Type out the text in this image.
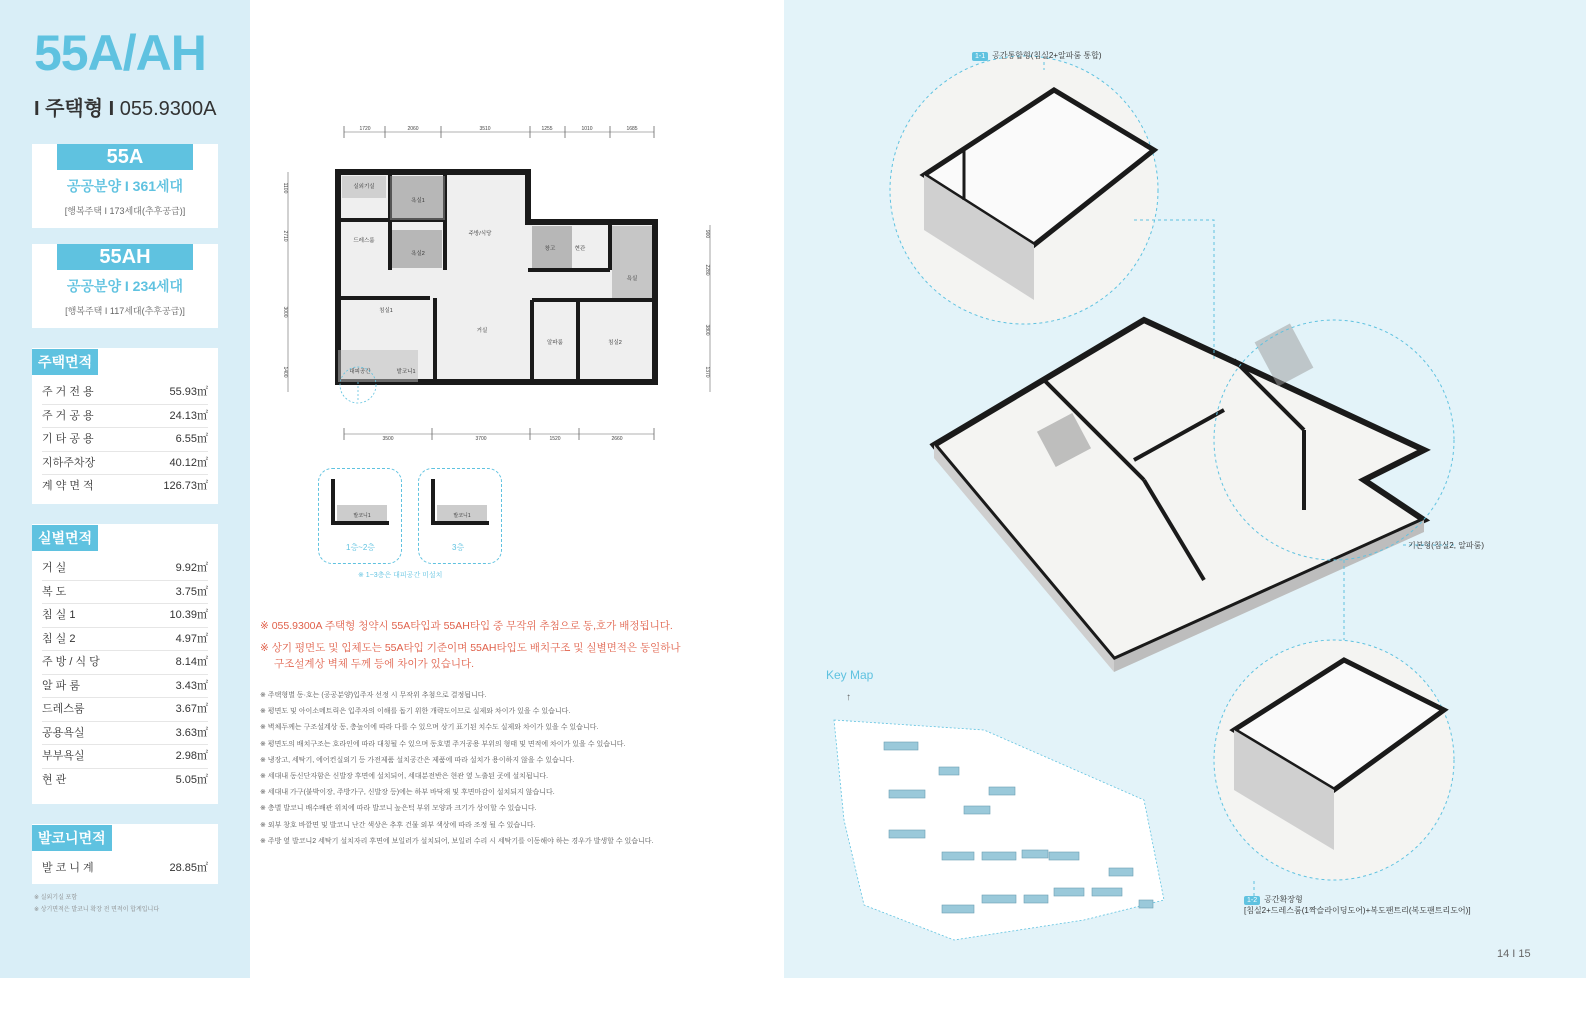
55A/AH
I 주택형 I 055.9300A
55A
공공분양 I 361세대
[행복주택 I 173세대(추후공급)]
55AH
공공분양 I 234세대
[행복주택 I 117세대(추후공급)]
주택면적
주 거 전 용	55.93㎡
주 거 공 용	24.13㎡
기 타 공 용	6.55㎡
지하주차장	40.12㎡
계 약 면 적	126.73㎡
실별면적
거 실	9.92㎡
복 도	3.75㎡
침 실 1	10.39㎡
침 실 2	4.97㎡
주 방 / 식 당	8.14㎡
알 파 룸	3.43㎡
드레스룸	3.67㎡
공용욕실	3.63㎡
부부욕실	2.98㎡
현 관	5.05㎡
발코니면적
발 코 니 계	28.85㎡
※ 실외기실 포함
※ 상기면적은 발코니 확장 전 면적이 합계입니다
1720	2060	3510	1255	1010	1685
3500	3700	1520	2660
1100
2710
3000
1400
900
2280
3800
1370
실외기실
욕실1
드레스룸
욕실2
주방/식당
창고	현관
욕실
침실1
거실
알파룸	침실2
대피공간	발코니1
발코니1
1층~2층
발코니1
3층
※ 1~3층은 대피공간 미설치
※ 055.9300A 주택형 청약시 55A타입과 55AH타입 중 무작위 추첨으로 동,호가 배정됩니다.
※ 상기 평면도 및 입체도는 55A타입 기준이며 55AH타입도 배치구조 및 실별면적은 동일하나
구조설계상 벽체 두께 등에 차이가 있습니다.
※ 주택형별 동·호는 (공공분양)입주자 선정 시 무작위 추첨으로 결정됩니다.
※ 평면도 및 아이소메트릭은 입주자의 이해를 돕기 위한 개략도이므로 실제와 차이가 있을 수 있습니다.
※ 벽체두께는 구조설계상 동, 층높이에 따라 다를 수 있으며 상기 표기된 치수도 실제와 차이가 있을 수 있습니다.
※ 평면도의 배치구조는 호라인에 따라 대칭될 수 있으며 동호별 주거공용 부위의 형태 및 면적에 차이가 있을 수 있습니다.
※ 냉장고, 세탁기, 에어컨실외기 등 가전제품 설치공간은 제품에 따라 설치가 용이하지 않을 수 있습니다.
※ 세대내 동신단자함은 신발장 후면에 설치되어, 세대분전반은 현관 옆 노출된 곳에 설치됩니다.
※ 세대내 가구(붙박이장, 주방가구, 신발장 등)에는 하부 바닥재 및 후면마감이 설치되지 않습니다.
※ 층별 발코니 배수배관 위치에 따라 발코니 높은턱 부위 모양과 크기가 상이할 수 있습니다.
※ 외부 창호 바깥면 및 발코니 난간 색상은 추후 건물 외부 색상에 따라 조정 될 수 있습니다.
※ 주방 옆 발코니2 세탁기 설치자리 후면에 보일러가 설치되어, 보일러 수리 시 세탁기를 이동해야 하는 경우가 발생할 수 있습니다.
↑
1-1 공간통합형(침실2+알파룸 통합)
기본형(침실2, 알파룸)
1-2 공간확장형
[침실2+드레스룸(1짝슬라이딩도어)+복도팬트리(복도팬트리도어)]
Key Map
14 I 15
